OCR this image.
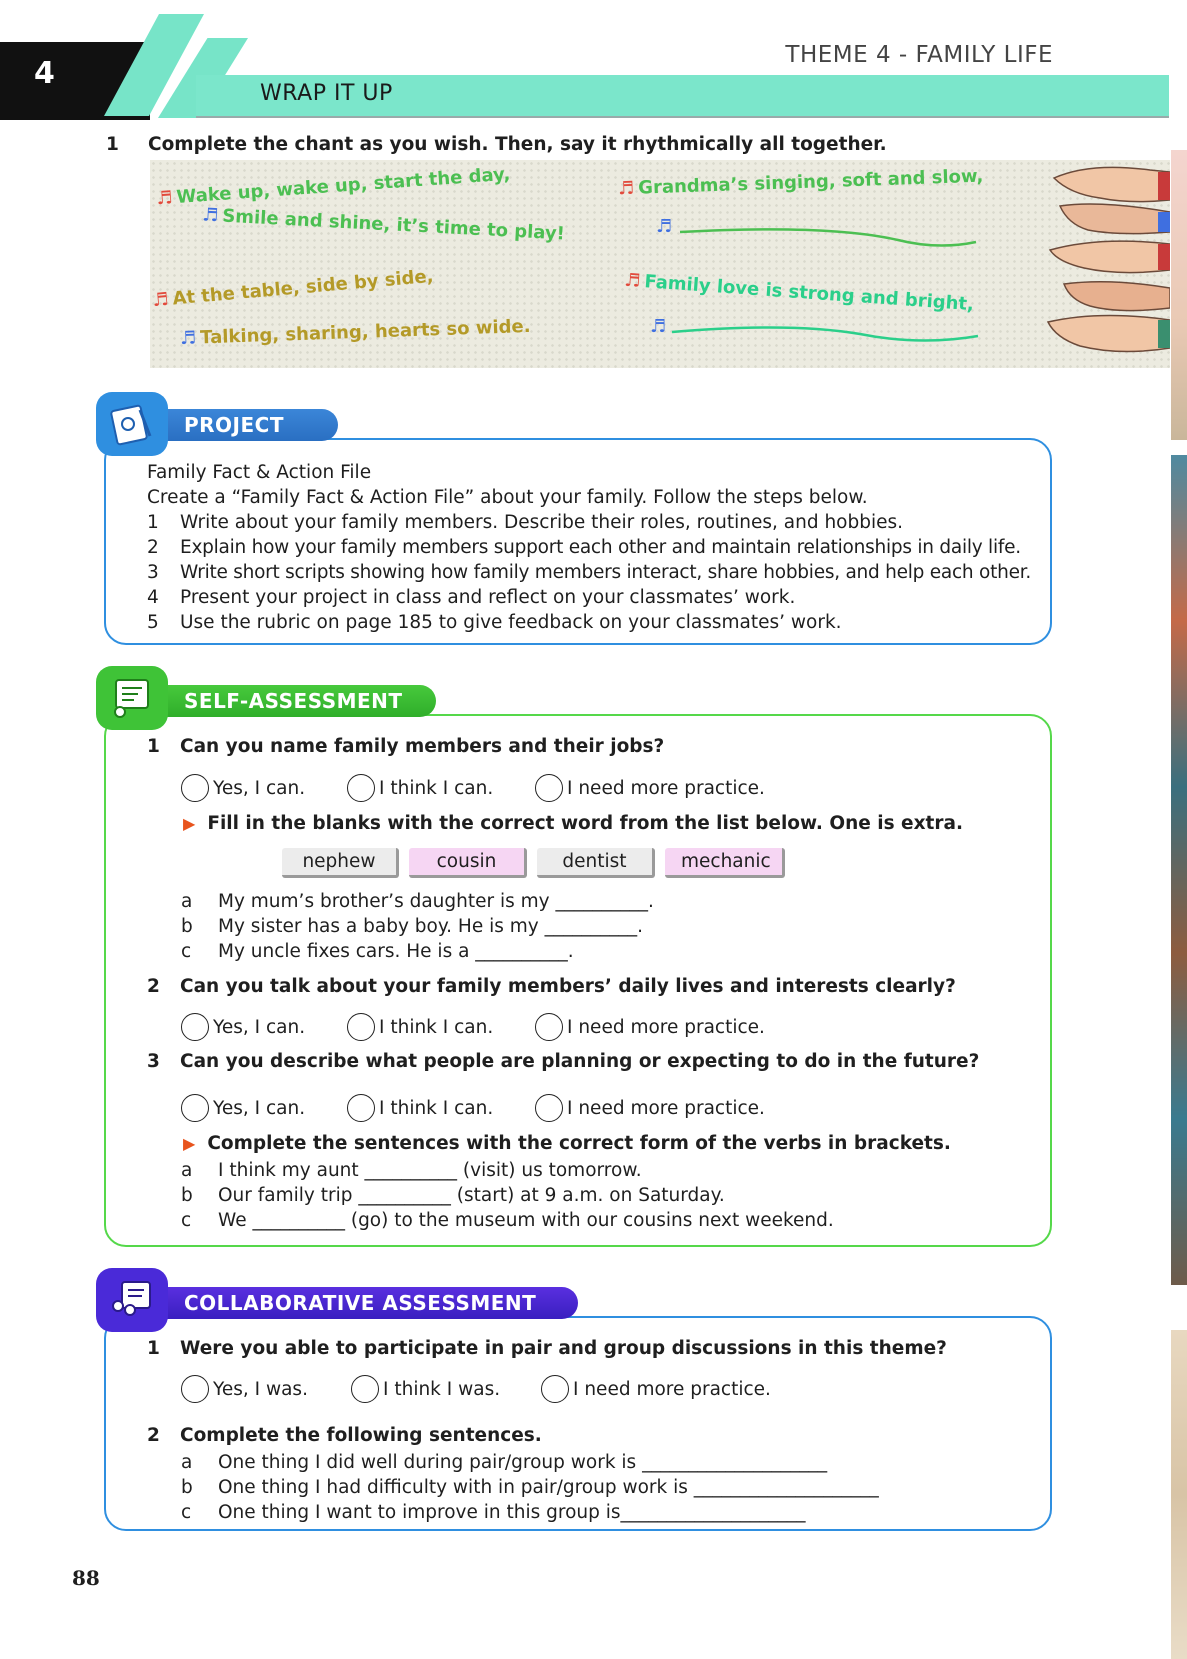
4
THEME 4 - FAMILY LIFE
WRAP IT UP
1 Complete the chant as you wish. Then, say it rhythmically all together.
♬ Wake up, wake up, start the day,
♬ Smile and shine, it’s time to play!
♬ At the table, side by side,
♬ Talking, sharing, hearts so wide.
♬ Grandma’s singing, soft and slow,
♬
♬ Family love is strong and bright,
♬
PROJECT
Family Fact & Action File
Create a “Family Fact & Action File” about your family. Follow the steps below.
1 Write about your family members. Describe their roles, routines, and hobbies.
2 Explain how your family members support each other and maintain relationships in daily life.
3 Write short scripts showing how family members interact, share hobbies, and help each other.
4 Present your project in class and reflect on your classmates’ work.
5 Use the rubric on page 185 to give feedback on your classmates’ work.
SELF-ASSESSMENT
1 Can you name family members and their jobs?
Yes, I can.	I think I can.	I need more practice.
▶ Fill in the blanks with the correct word from the list below. One is extra.
nephew	cousin	dentist	mechanic
a My mum’s brother’s daughter is my __________.
b My sister has a baby boy. He is my __________.
c My uncle fixes cars. He is a __________.
2 Can you talk about your family members’ daily lives and interests clearly?
Yes, I can.	I think I can.	I need more practice.
3 Can you describe what people are planning or expecting to do in the future?
Yes, I can.	I think I can.	I need more practice.
▶ Complete the sentences with the correct form of the verbs in brackets.
a I think my aunt __________ (visit) us tomorrow.
b Our family trip __________ (start) at 9 a.m. on Saturday.
c We __________ (go) to the museum with our cousins next weekend.
COLLABORATIVE ASSESSMENT
1 Were you able to participate in pair and group discussions in this theme?
Yes, I was.	I think I was.	I need more practice.
2 Complete the following sentences.
a One thing I did well during pair/group work is ____________________
b One thing I had difficulty with in pair/group work is ____________________
c One thing I want to improve in this group is____________________
88
